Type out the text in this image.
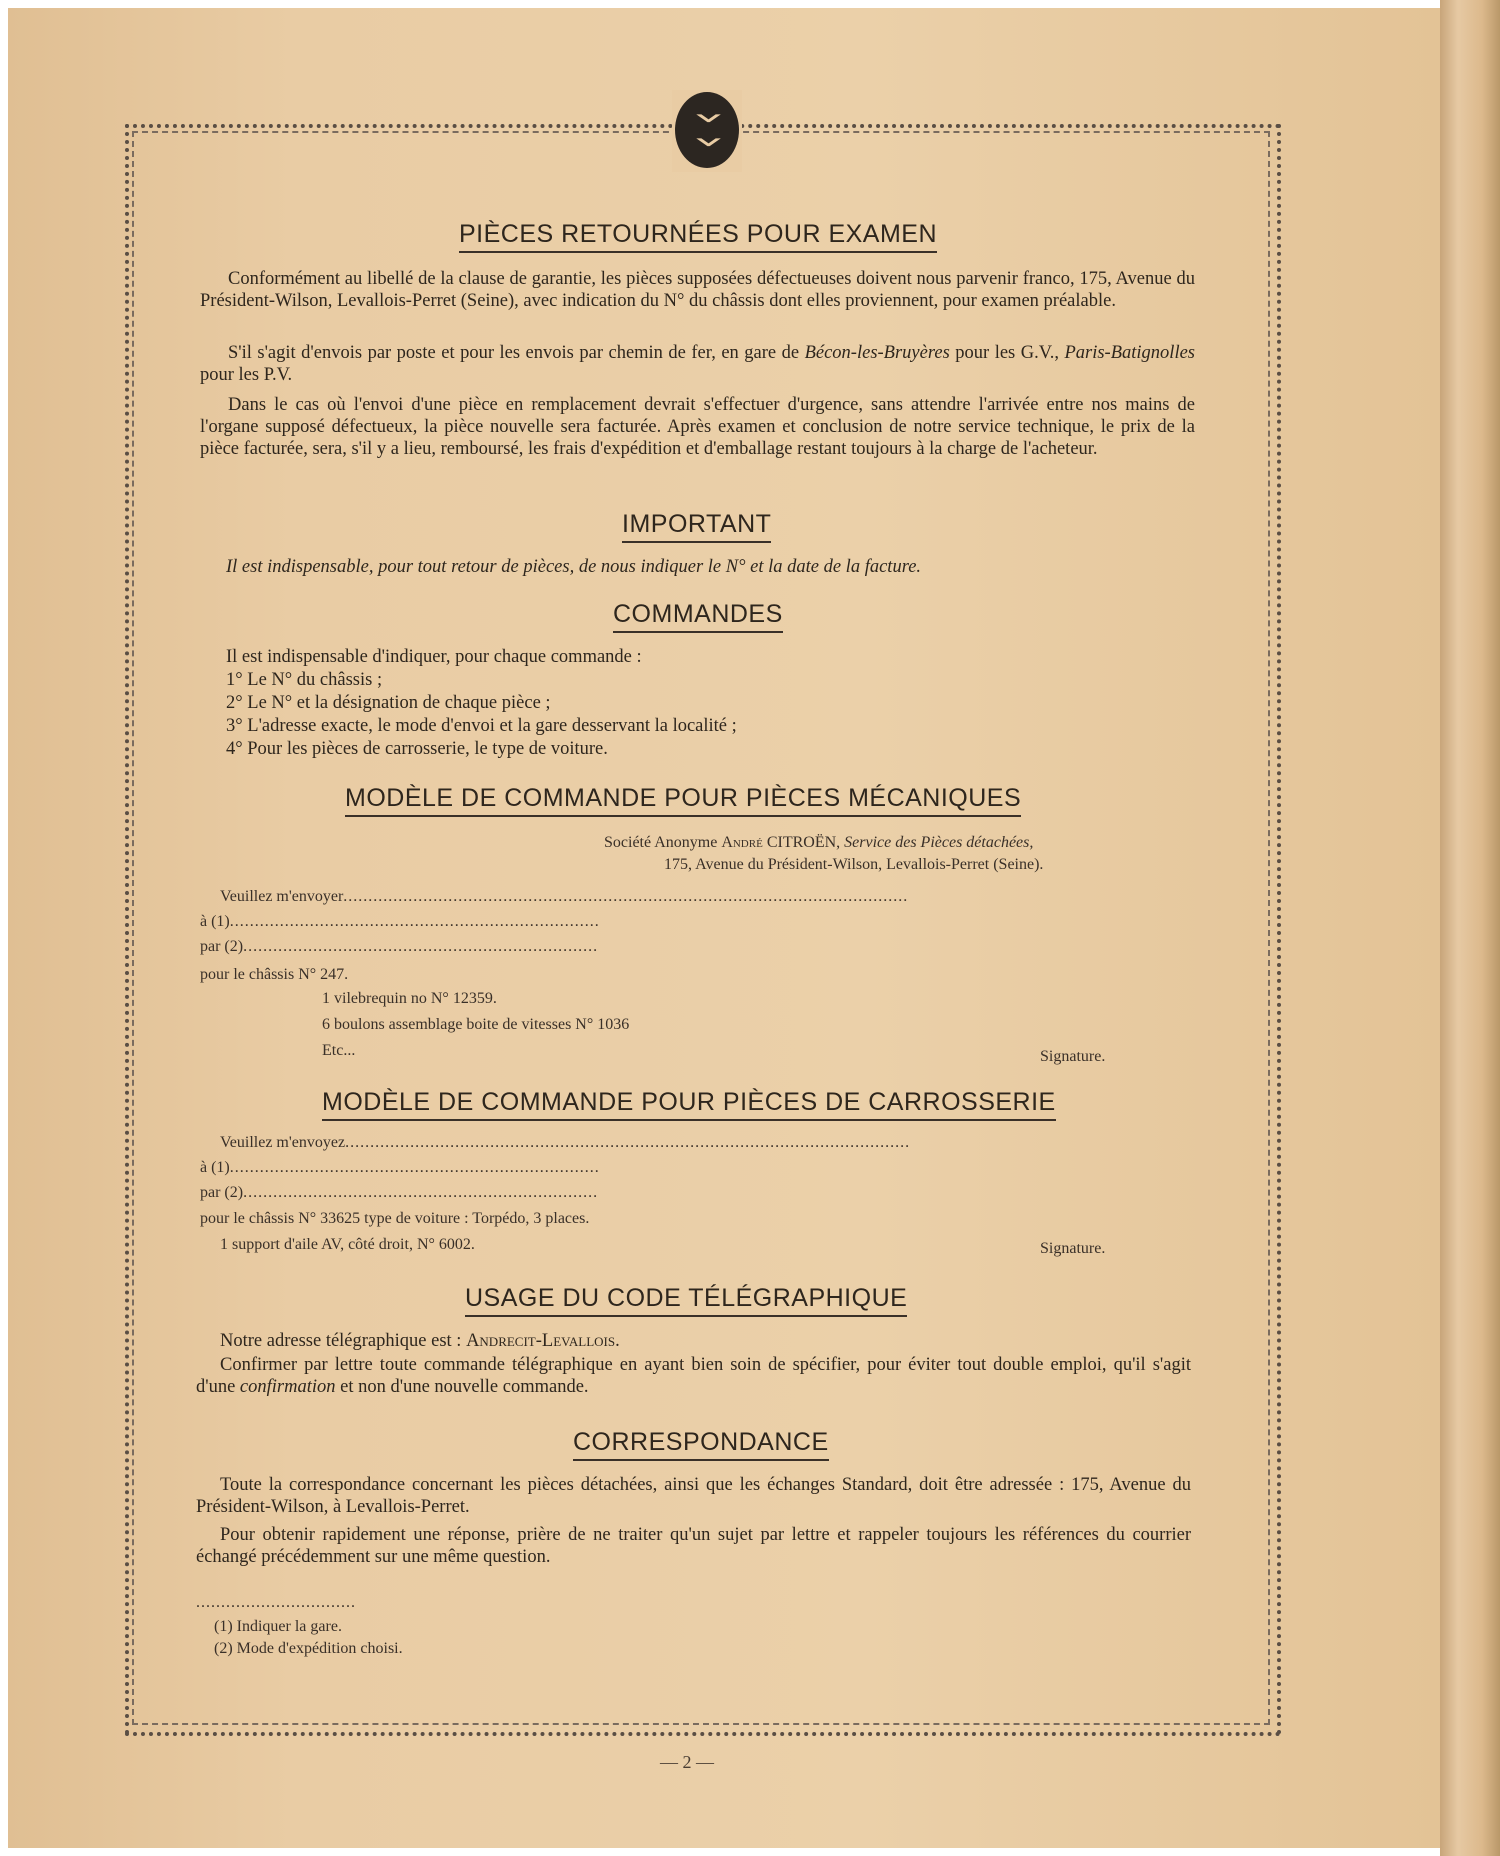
‹
‹
PIÈCES RETOURNÉES POUR EXAMEN
Conformément au libellé de la clause de garantie, les pièces supposées défectueuses doivent nous parvenir franco, 175, Avenue du Président-Wilson, Levallois-Perret (Seine), avec indication du N° du châssis dont elles proviennent, pour examen préalable.
S'il s'agit d'envois par poste et pour les envois par chemin de fer, en gare de Bécon-les-Bruyères pour les G.V., Paris-Batignolles pour les P.V.
Dans le cas où l'envoi d'une pièce en remplacement devrait s'effectuer d'urgence, sans attendre l'arrivée entre nos mains de l'organe supposé défectueux, la pièce nouvelle sera facturée. Après examen et conclusion de notre service technique, le prix de la pièce facturée, sera, s'il y a lieu, remboursé, les frais d'expédition et d'emballage restant toujours à la charge de l'acheteur.
IMPORTANT
Il est indispensable, pour tout retour de pièces, de nous indiquer le N° et la date de la facture.
COMMANDES
Il est indispensable d'indiquer, pour chaque commande :
1° Le N° du châssis ;
2° Le N° et la désignation de chaque pièce ;
3° L'adresse exacte, le mode d'envoi et la gare desservant la localité ;
4° Pour les pièces de carrosserie, le type de voiture.
MODÈLE DE COMMANDE POUR PIÈCES MÉCANIQUES
Société Anonyme André CITROËN, Service des Pièces détachées,
175, Avenue du Président-Wilson, Levallois-Perret (Seine).
Veuillez m'envoyer.................................................................................................................
à (1)..........................................................................
par (2).......................................................................
pour le châssis N° 247.
1 vilebrequin no N° 12359.
6 boulons assemblage boite de vitesses N° 1036
Etc...	Signature.
MODÈLE DE COMMANDE POUR PIÈCES DE CARROSSERIE
Veuillez m'envoyez.................................................................................................................
à (1)..........................................................................
par (2).......................................................................
pour le châssis N° 33625 type de voiture : Torpédo, 3 places.
1 support d'aile AV, côté droit, N° 6002.	Signature.
USAGE DU CODE TÉLÉGRAPHIQUE
Notre adresse télégraphique est : Andrecit-Levallois.
Confirmer par lettre toute commande télégraphique en ayant bien soin de spécifier, pour éviter tout double emploi, qu'il s'agit d'une confirmation et non d'une nouvelle commande.
CORRESPONDANCE
Toute la correspondance concernant les pièces détachées, ainsi que les échanges Standard, doit être adressée : 175, Avenue du Président-Wilson, à Levallois-Perret.
Pour obtenir rapidement une réponse, prière de ne traiter qu'un sujet par lettre et rappeler toujours les références du courrier échangé précédemment sur une même question.
................................
(1) Indiquer la gare.
(2) Mode d'expédition choisi.
— 2 —
